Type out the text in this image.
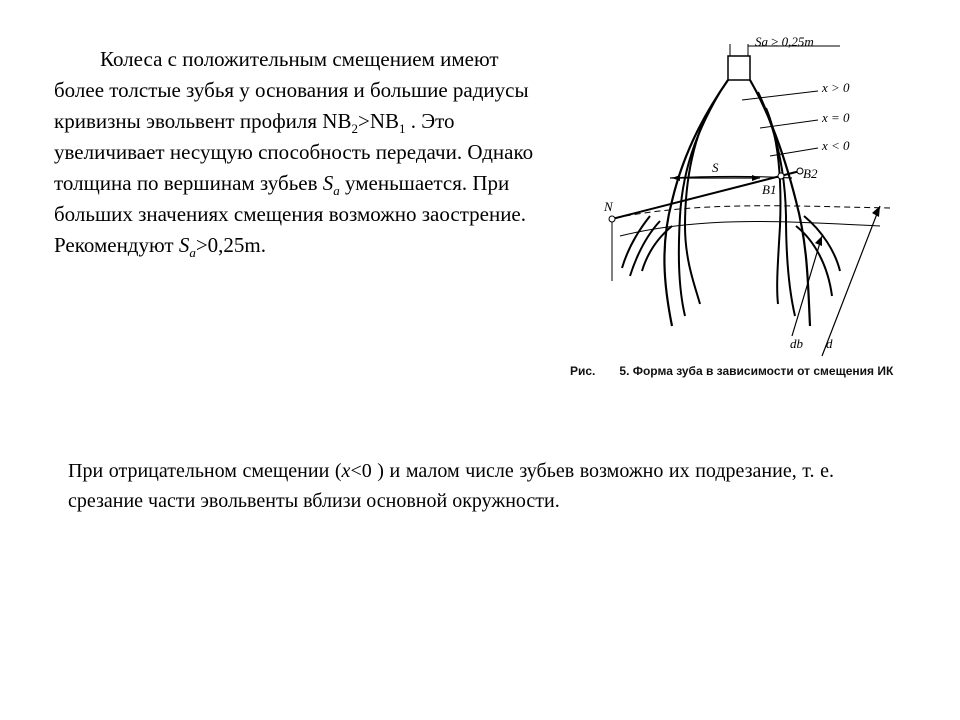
Колеса с положительным смещением имеют более толстые зубья у основания и большие радиусы кривизны эвольвент профиля $NB_2>NB_1$ . Это увеличивает несущую способность передачи. Однако толщина по вершинам зубьев $S_a$ уменьшается. При больших значениях смещения возможно заострение. Рекомендуют $S_a>0,25m$.
Sa ≥ 0,25m
x > 0
x = 0
x < 0
S
N
B1
B2
db d
Рис. 5. Форма зуба в зависимости от смещения ИК
При отрицательном смещении (x<0 ) и малом числе зубьев возможно их подрезание, т. е. срезание части эвольвенты вблизи основной окружности.
